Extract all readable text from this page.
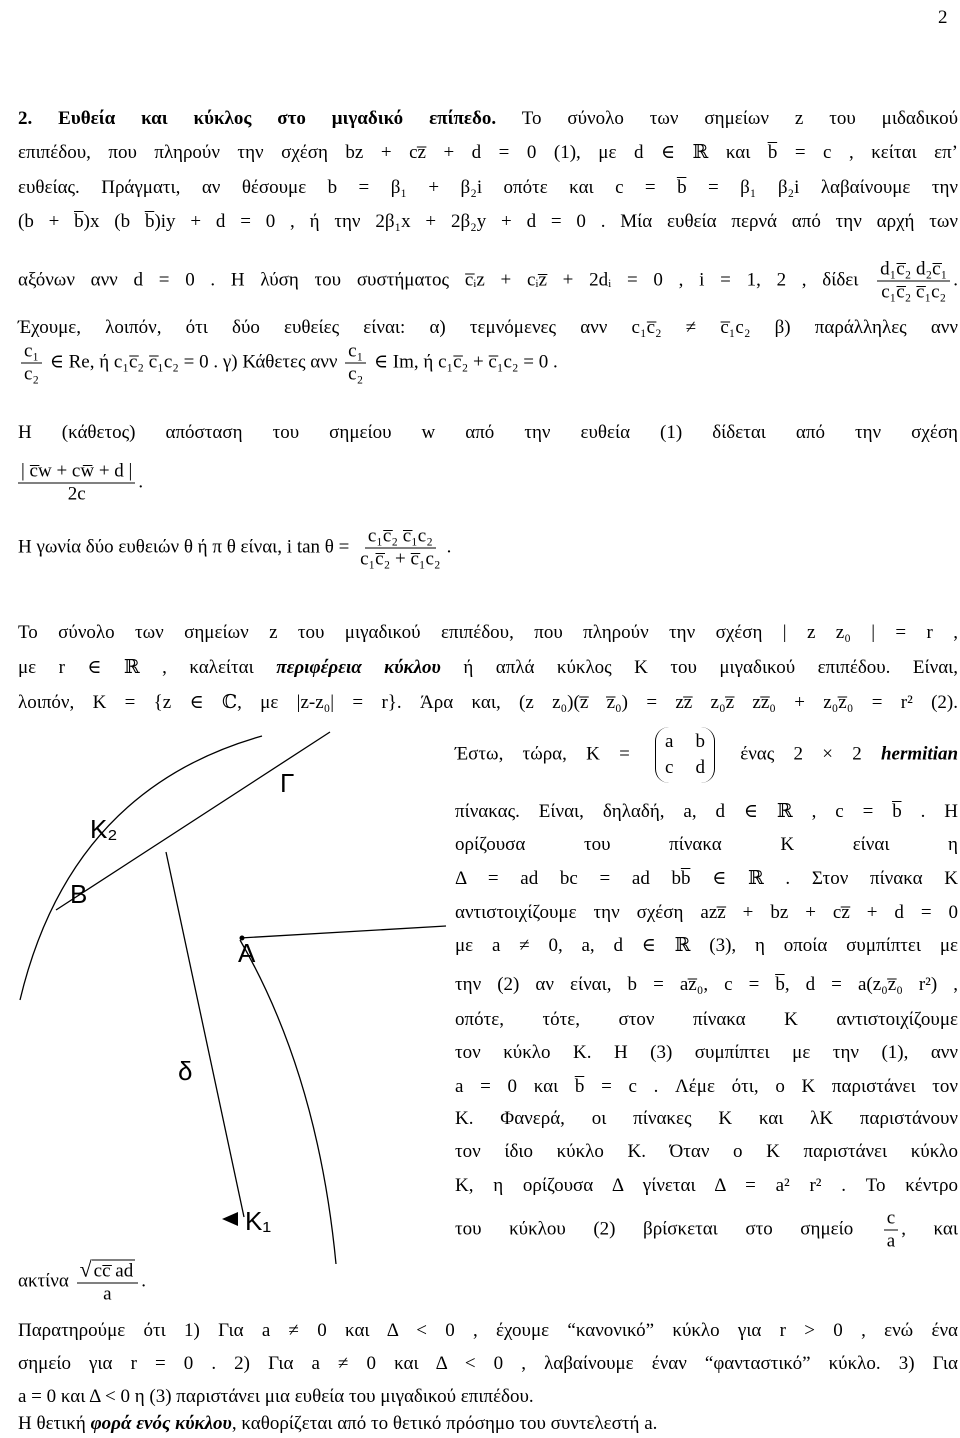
2
2. Ευθεία και κύκλος στο μιγαδικό επίπεδο. Το σύνολο των σημείων z του μιδαδικού
επιπέδου, που πληρούν την σχέση bz + cz̅ + d = 0 (1), με d ∈ ℝ και b̅ = c , κείται επ’
ευθείας. Πράγματι, αν θέσουμε b = β₁ + β₂i οπότε και c = b̅ = β₁ β₂i λαβαίνουμε την
(b + b̅)x (b b̅)iy + d = 0 , ή την 2β₁x + 2β₂y + d = 0 . Μία ευθεία περνά από την αρχή των
αξόνων ανν d = 0 . Η λύση του συστήματος c̅ᵢz + cᵢz̅ + 2dᵢ = 0 , i = 1, 2 , δίδει $\frac{\text{d₁c̅₂ d₂c̅₁}}{\text{c₁c̅₂ c̅₁c₂}}$ .
Έχουμε, λοιπόν, ότι δύο ευθείες είναι: α) τεμνόμενες ανν c₁c̅₂ ≠ c̅₁c₂ β) παράλληλες ανν
$\frac{\text{c₁}}{\text{c₂}}$ ∈ Re, ή c₁c̅₂ c̅₁c₂ = 0 . γ) Κάθετες ανν $\frac{\text{c₁}}{\text{c₂}}$ ∈ Im, ή c₁c̅₂ + c̅₁c₂ = 0 .
Η (κάθετος) απόσταση του σημείου w από την ευθεία (1) δίδεται από την σχέση
$\frac{| c̅w + cw̅ + d |}{2c}$ .
Η γωνία δύο ευθειών θ ή π θ είναι, i $\tan \theta = \frac{\text{c₁c̅₂ c̅₁c₂}}{\text{c₁c̅₂ + c̅₁c₂}}$ .
Το σύνολο των σημείων z του μιγαδικού επιπέδου, που πληρούν την σχέση | z z₀ | = r ,
με r ∈ ℝ , καλείται περιφέρεια κύκλου ή απλά κύκλος K του μιγαδικού επιπέδου. Είναι,
λοιπόν, K = {z ∈ ℂ, με |z-z₀| = r}. Άρα και, (z z₀)(z̅ z̅₀) = zz̅ z₀z̅ zz̅₀ + z₀z̅₀ = r² (2).
Γ
K₂
B
A
δ
K₁
Έστω, τώρα, K =
a b
c d
ένας 2 × 2 hermitian
πίνακας. Είναι, δηλαδή, a, d ∈ ℝ , c = b̅ . Η
ορίζουσα του πίνακα K είναι η
Δ = ad bc = ad bb̅ ∈ ℝ . Στον πίνακα K
αντιστοιχίζουμε την σχέση azz̅ + bz + cz̅ + d = 0
με a ≠ 0, a, d ∈ ℝ (3), η οποία συμπίπτει με
την (2) αν είναι, b = az̅₀, c = b̅, d = a(z₀z̅₀ r²) ,
οπότε, τότε, στον πίνακα K αντιστοιχίζουμε
τον κύκλο K. Η (3) συμπίπτει με την (1), ανν
a = 0 και b̅ = c . Λέμε ότι, ο K παριστάνει τον
K. Φανερά, οι πίνακες K και λK παριστάνουν
τον ίδιο κύκλο K. Όταν ο K παριστάνει κύκλο
K, η ορίζουσα Δ γίνεται Δ = a² r² . Το κέντρο
του κύκλου (2) βρίσκεται στο σημείο $\frac{c}{a}$ , και
ακτίνα $\frac{√ cc̅ ad}{a}$ .
Παρατηρούμε ότι 1) Για a ≠ 0 και Δ < 0 , έχουμε “κανονικό” κύκλο για r > 0 , ενώ ένα
σημείο για r = 0 . 2) Για a ≠ 0 και Δ < 0 , λαβαίνουμε έναν “φανταστικό” κύκλο. 3) Για
a = 0 και Δ < 0 η (3) παριστάνει μια ευθεία του μιγαδικού επιπέδου.
Η θετική φορά ενός κύκλου, καθορίζεται από το θετικό πρόσημο του συντελεστή a.
